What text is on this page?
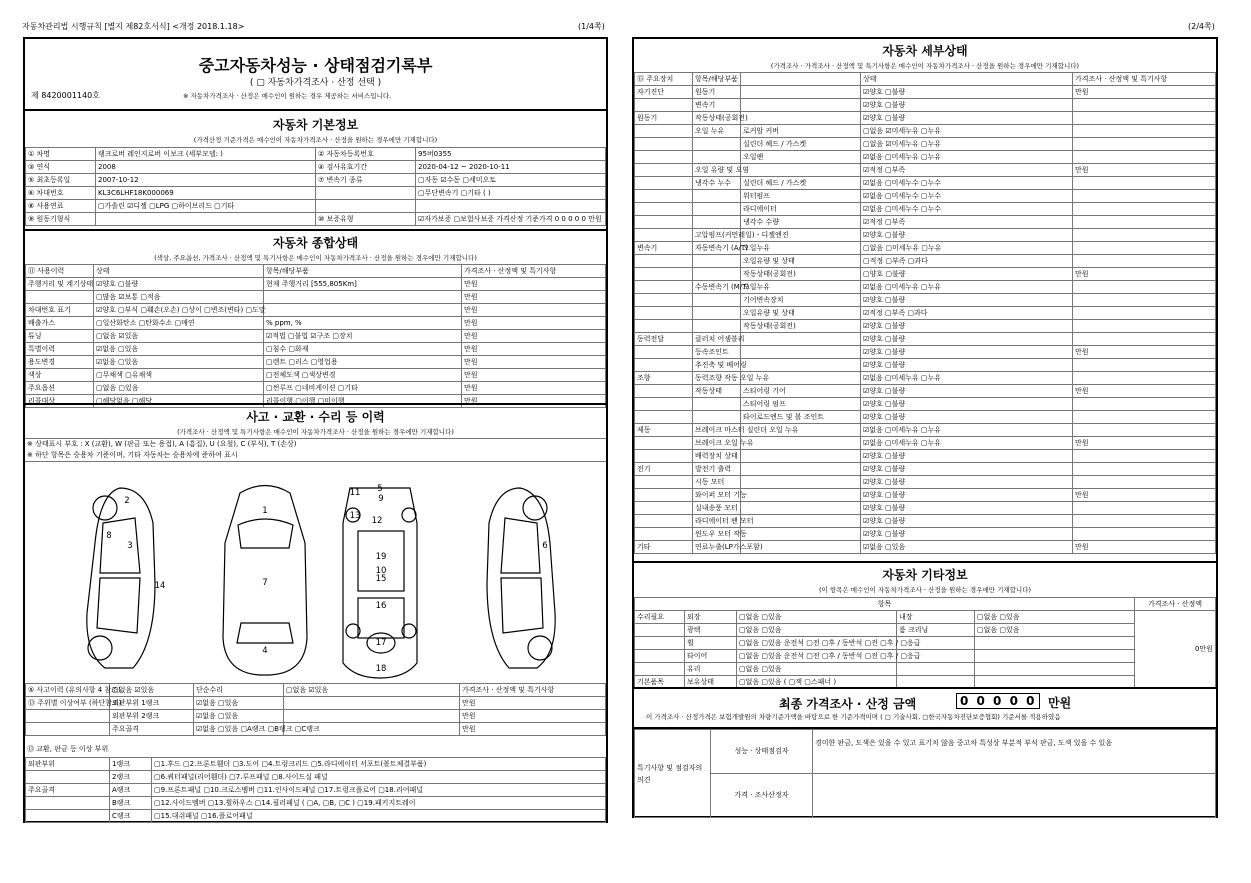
자동차관리법 시행규칙 [별지 제82호서식] <개정 2018.1.18>	(1/4쪽)	(2/4쪽)
중고자동차성능 · 상태점검기록부
( ▢ 자동차가격조사 · 산정 선택 )
제 8420001140호	※ 자동차가격조사 · 산정은 매수인이 원하는 경우 제공하는 서비스입니다.
자동차 기본정보
(가격산정 기준가격은 매수인이 자동차가격조사 · 산정을 원하는 경우에만 기재합니다)
① 차명	랭크로버 레인지로버 이보크 (세부모델: )	② 자동차등록번호	95버0355
③ 연식	2008	④ 검사유효기간	2020-04-12 ~ 2020-10-11
⑤ 최초등록일	2007-10-12	⑦ 변속기 종류	▢자동 ☑수동 ▢세미오토
⑥ 차대번호	KL3C6LHF18K000069		▢무단변속기 ▢기타 ( )
⑧ 사용연료	▢가솔린 ☑디젤 ▢LPG ▢하이브리드 ▢기타		
⑨ 원동기형식		⑩ 보증유형	☑자가보증 ▢보험사보증 가격산정 기준가격 0 0 0 0 0 만원
자동차 종합상태
(색상, 주요옵션, 가격조사 · 산정액 및 특기사항은 매수인이 자동차가격조사 · 산정을 원하는 경우에만 기재합니다)
⑪ 사용이력	상태	항목/해당부품	가격조사 · 산정액 및 특기사항
주행거리 및 계기상태	☑양호 ▢불량	현재 주행거리 [555,805Km]	만원
	▢많음 ☑보통 ▢적음		만원
차대번호 표기	☑양호 ▢부식 ▢훼손(오손) ▢상이 ▢변조(변타) ▢도말		만원
배출가스	▢일산화탄소 ▢탄화수소 ▢매연	% ppm, %	만원
튜닝	▢없음 ☑있음	☑적법 ▢불법 ☑구조 ▢장치	만원
특별이력	☑없음 ▢있음	▢침수 ▢화재	만원
용도변경	☑없음 ▢있음	▢렌트 ▢리스 ▢영업용	만원
색상	▢무채색 ▢유채색	▢전체도색 ▢색상변경	만원
주요옵션	▢없음 ▢있음	▢썬루프 ▢네비게이션 ▢기타	만원
리콜대상	▢해당없음 ▢해당	리콜이행 ▢이행 ▢미이행	만원
사고 · 교환 · 수리 등 이력
(가격조사 · 산정액 및 특기사항은 매수인이 자동차가격조사 · 산정을 원하는 경우에만 기재합니다)
※ 상태표시 부호 : X (교환), W (판금 또는 용접), A (흠집), U (요철), C (부식), T (손상)
※ 하단 항목은 승용차 기준이며, 기타 자동차는 승용차에 준하여 표시
1
2
3
4
5
6
7
8
9
10
11
12
13
14
15
16
17
18
19
⑤ 사고이력 (유의사항 4 참조)	▢없음 ☑있음	단순수리	▢없음 ☑있음	가격조사 · 산정액 및 특기사항
⑬ 주위별 이상여부 (하단참조)	외판부위 1랭크	☑없음 ▢있음		만원
	외판부위 2랭크	☑없음 ▢있음		만원
	주요골격	☑없음 ▢있음 ▢A랭크 ▢B랭크 ▢C랭크		만원
⑬ 교환, 판금 등 이상 부위
외판부위	1랭크	▢1.후드 ▢2.프론트휀더 ▢3.도어 ▢4.트렁크리드 ▢5.라디에이터 서포트(볼트체결부품)
	2랭크	▢6.쿼터패널(리어휀더) ▢7.루프패널 ▢8.사이드실 패널
주요골격	A랭크	▢9.프론트패널 ▢10.크로스멤버 ▢11.인사이드패널 ▢17.트렁크플로어 ▢18.리어패널
	B랭크	▢12.사이드멤버 ▢13.휠하우스 ▢14.필러패널 ( ▢A, ▢B, ▢C ) ▢19.패키지트레이
	C랭크	▢15.대쉬패널 ▢16.플로어패널
자동차 세부상태
(가격조사 · 가격조사 · 산정액 및 특기사항은 매수인이 자동차가격조사 · 산정을 원하는 경우에만 기재합니다)
⑮ 주요장치	항목/해당부품		상태	가격조사 · 산정액 및 특기사항
자기진단	원동기		☑양호 ▢불량	만원
	변속기		☑양호 ▢불량	
원동기	작동상태(공회전)		☑양호 ▢불량	
	오일 누유	로커암 커버	▢없음 ☑미세누유 ▢누유	
		실린더 헤드 / 가스켓	▢없음 ☑미세누유 ▢누유	
		오일팬	☑없음 ▢미세누유 ▢누유	
	오일 유량 및 오염		☑적정 ▢부족	만원
	냉각수 누수	실린더 헤드 / 가스켓	☑없음 ▢미세누수 ▢누수	
		워터펌프	☑없음 ▢미세누수 ▢누수	
		라디에이터	☑없음 ▢미세누수 ▢누수	
		냉각수 수량	☑적정 ▢부족	
	고압펌프(커먼레일) - 디젤엔진		☑양호 ▢불량	
변속기	자동변속기 (A/T)	오일누유	▢없음 ▢미세누유 ▢누유	
		오일유량 및 상태	▢적정 ▢부족 ▢과다	
		작동상태(공회전)	▢양호 ▢불량	만원
	수동변속기 (M/T)	오일누유	☑없음 ▢미세누유 ▢누유	
		기어변속장치	☑양호 ▢불량	
		오일유량 및 상태	☑적정 ▢부족 ▢과다	
		작동상태(공회전)	☑양호 ▢불량	
동력전달	클러치 어셈블리		☑양호 ▢불량	
	등속조인트		☑양호 ▢불량	만원
	추진축 및 베어링		☑양호 ▢불량	
조향	동력조향 작동 오일 누유		☑없음 ▢미세누유 ▢누유	
	작동상태	스티어링 기어	☑양호 ▢불량	만원
		스티어링 펌프	☑양호 ▢불량	
		타이로드엔드 및 볼 조인트	☑양호 ▢불량	
제동	브레이크 마스터 실린더 오일 누유		☑없음 ▢미세누유 ▢누유	
	브레이크 오일 누유		☑없음 ▢미세누유 ▢누유	만원
	배력장치 상태		☑양호 ▢불량	
전기	발전기 출력		☑양호 ▢불량	
	시동 모터		☑양호 ▢불량	
	와이퍼 모터 기능		☑양호 ▢불량	만원
	실내송풍 모터		☑양호 ▢불량	
	라디에이터 팬 모터		☑양호 ▢불량	
	윈도우 모터 작동		☑양호 ▢불량	
기타	연료누출(LP가스포함)		☑없음 ▢있음	만원
자동차 기타정보
(이 항목은 매수인이 자동차가격조사 · 산정을 원하는 경우에만 기재합니다)
항목					가격조사 · 산정액
수리필요	외장	▢없음 ▢있음	내장	▢없음 ▢있음	0만원
	광택	▢없음 ▢있음	룸 크리닝	▢없음 ▢있음	
	휠	▢없음 ▢있음 운전석 ▢전 ▢후 / 동반석 ▢전 ▢후 / ▢응급			
	타이어	▢없음 ▢있음 운전석 ▢전 ▢후 / 동반석 ▢전 ▢후 / ▢응급			
	유리	▢없음 ▢있음			
기본품목	보유상태	▢없음 ▢있음 ( ▢잭 ▢스패너 )			
최종 가격조사 · 산정 금액	0 0 0 0 0 만원
이 가격조사 · 산정가격은 보험개발원의 차량기준가액을 바탕으로 한 기준가격이며 ( ▢ 기술사회, ▢한국자동차진단보증협회) 기준서를 적용하였음
특기사항 및 점검자의 의견	성능 · 상태점검자	경미한 판금, 도색은 있을 수 있고 표기치 않음 중고차 특성상 부분적 부식 판금, 도색 있을 수 있음
	가격 · 조사산정자	
